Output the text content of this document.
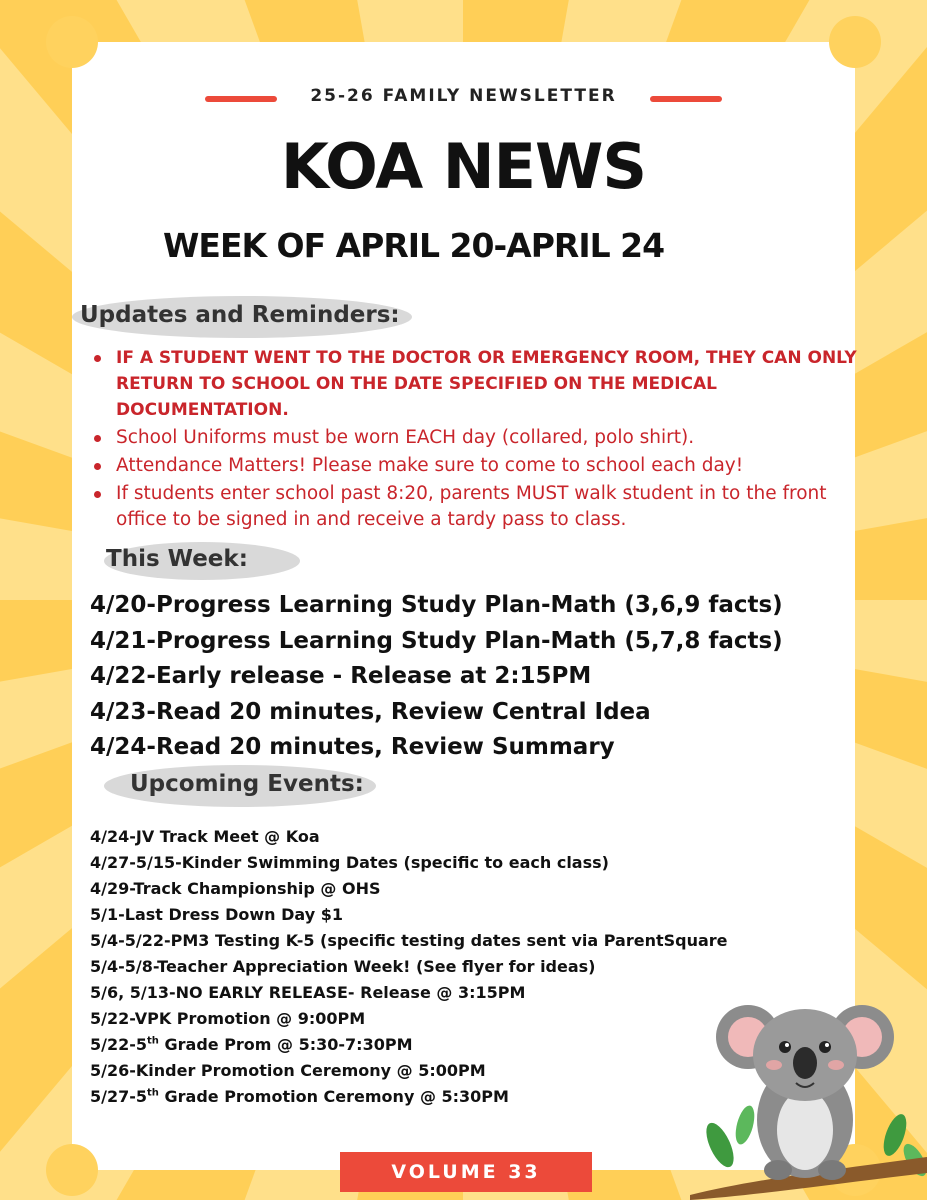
25-26 FAMILY NEWSLETTER
KOA NEWS
WEEK OF APRIL 20-APRIL 24
Updates and Reminders:
IF A STUDENT WENT TO THE DOCTOR OR EMERGENCY ROOM, THEY CAN ONLY RETURN TO SCHOOL ON THE DATE SPECIFIED ON THE MEDICAL DOCUMENTATION.
School Uniforms must be worn EACH day (collared, polo shirt).
Attendance Matters! Please make sure to come to school each day!
If students enter school past 8:20, parents MUST walk student in to the front office to be signed in and receive a tardy pass to class.
This Week:
4/20-Progress Learning Study Plan-Math (3,6,9 facts)
4/21-Progress Learning Study Plan-Math (5,7,8 facts)
4/22-Early release - Release at 2:15PM
4/23-Read 20 minutes, Review Central Idea
4/24-Read 20 minutes, Review Summary
Upcoming Events:
4/24-JV Track Meet @ Koa
4/27-5/15-Kinder Swimming Dates (specific to each class)
4/29-Track Championship @ OHS
5/1-Last Dress Down Day $1
5/4-5/22-PM3 Testing K-5 (specific testing dates sent via ParentSquare
5/4-5/8-Teacher Appreciation Week! (See flyer for ideas)
5/6, 5/13-NO EARLY RELEASE- Release @ 3:15PM
5/22-VPK Promotion @ 9:00PM
5/22-5th Grade Prom @ 5:30-7:30PM
5/26-Kinder Promotion Ceremony @ 5:00PM
5/27-5th Grade Promotion Ceremony @ 5:30PM
VOLUME 33
